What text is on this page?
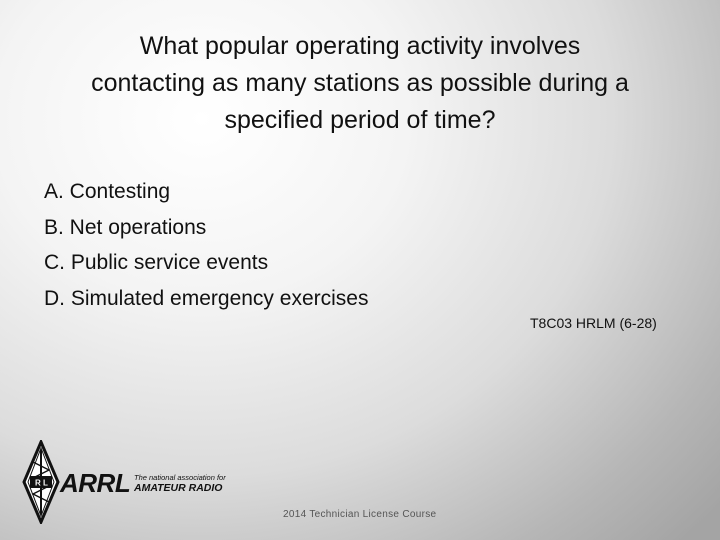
What popular operating activity involves
contacting as many stations as possible during a
specified period of time?
A. Contesting
B. Net operations
C. Public service events
D. Simulated emergency exercises
T8C03 HRLM (6-28)
R L ARRL The national association for
AMATEUR RADIO
2014 Technician License Course
